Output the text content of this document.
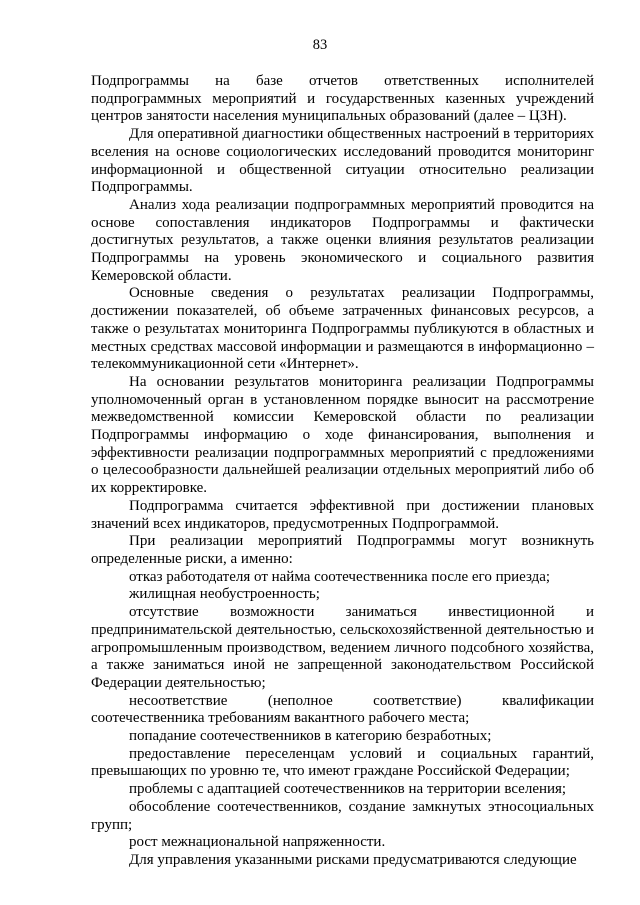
83

Подпрограммы на базе отчетов ответственных исполнителей подпрограммных мероприятий и государственных казенных учреждений центров занятости населения муниципальных образований (далее – ЦЗН).

Для оперативной диагностики общественных настроений в территориях вселения на основе социологических исследований проводится мониторинг информационной и общественной ситуации относительно реализации Подпрограммы.

Анализ хода реализации подпрограммных мероприятий проводится на основе сопоставления индикаторов Подпрограммы и фактически достигнутых результатов, а также оценки влияния результатов реализации Подпрограммы на уровень экономического и социального развития Кемеровской области.

Основные сведения о результатах реализации Подпрограммы, достижении показателей, об объеме затраченных финансовых ресурсов, а также о результатах мониторинга Подпрограммы публикуются в областных и местных средствах массовой информации и размещаются в информационно – телекоммуникационной сети «Интернет».

На основании результатов мониторинга реализации Подпрограммы уполномоченный орган в установленном порядке выносит на рассмотрение межведомственной комиссии Кемеровской области по реализации Подпрограммы информацию о ходе финансирования, выполнения и эффективности реализации подпрограммных мероприятий с предложениями о целесообразности дальнейшей реализации отдельных мероприятий либо об их корректировке.

Подпрограмма считается эффективной при достижении плановых значений всех индикаторов, предусмотренных Подпрограммой.

При реализации мероприятий Подпрограммы могут возникнуть определенные риски, а именно:

отказ работодателя от найма соотечественника после его приезда;

жилищная необустроенность;

отсутствие возможности заниматься инвестиционной и предпринимательской деятельностью, сельскохозяйственной деятельностью и агропромышленным производством, ведением личного подсобного хозяйства, а также заниматься иной не запрещенной законодательством Российской Федерации деятельностью;

несоответствие (неполное соответствие) квалификации соотечественника требованиям вакантного рабочего места;

попадание соотечественников в категорию безработных;

предоставление переселенцам условий и социальных гарантий, превышающих по уровню те, что имеют граждане Российской Федерации;

проблемы с адаптацией соотечественников на территории вселения;

обособление соотечественников, создание замкнутых этносоциальных групп;

рост межнациональной напряженности.

Для управления указанными рисками предусматриваются следующие
